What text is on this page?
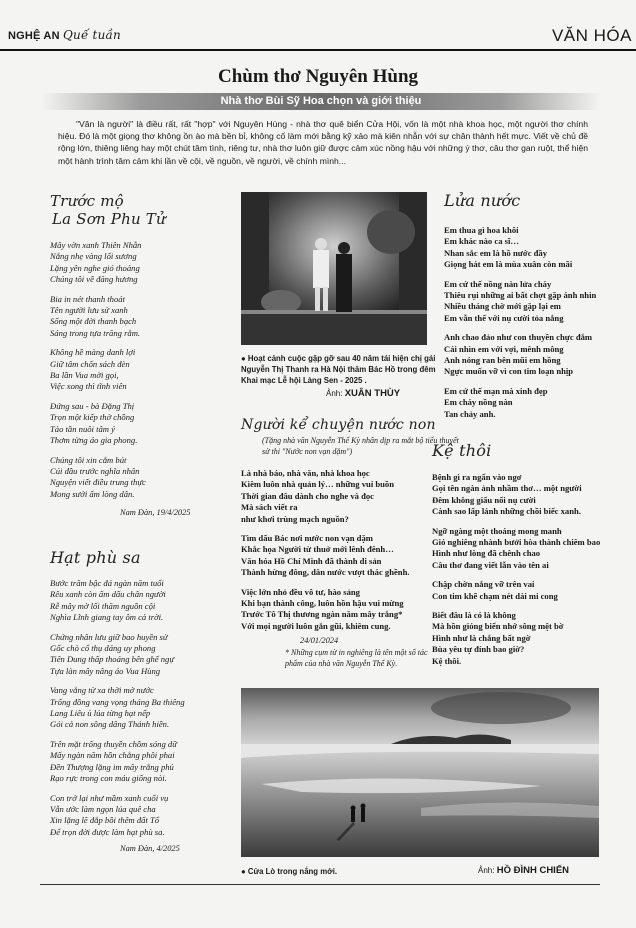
NGHỆ AN Quế tuần	VĂN HÓA
Chùm thơ Nguyên Hùng
Nhà thơ Bùi Sỹ Hoa chọn và giới thiệu
"Văn là người" là điều rất, rất "hợp" với Nguyên Hùng - nhà thơ quê biển Cửa Hội, vốn là một nhà khoa học, một người thơ chính hiệu. Đó là một giọng thơ không ồn ào mà bền bỉ, không cố làm mới bằng kỹ xảo mà kiên nhẫn với sự chân thành hết mực. Viết về chủ đề rộng lớn, thiêng liêng hay một chút tâm tình, riêng tư, nhà thơ luôn giữ được cảm xúc nồng hậu với những ý thơ, câu thơ gan ruột, thể hiện một hành trình tâm cảm khi lần về cội, về nguồn, về người, về chính mình...
Trước mộ
La Sơn Phu Tử

Mây vờn xanh Thiên Nhẫn
Nắng nhẹ vàng lối sương
Lặng yên nghe gió thoảng
Chúng tôi về đăng hương

Bia in nét thanh thoát
Tên người lưu sử xanh
Sống một đời thanh bạch
Sáng trong tựa trăng rằm.

Không hề màng danh lợi
Giữ tâm chốn sách đèn
Ba lần Vua mời gọi,
Việc xong thì tĩnh viên

Đứng sau - bà Đặng Thị
Trọn một kiếp thờ chồng
Tảo tần nuôi tâm ý
Thơm từng áo gia phong.

Chúng tôi xin cắm bút
Cúi đầu trước nghĩa nhân
Nguyện viết điều trung thực
Mong sưởi ấm lòng dân.

Nam Đàn, 19/4/2025
Hạt phù sa

Bước trăm bậc đá ngàn năm tuổi
Rêu xanh còn ấm dấu chân người
Rễ mây mờ lối thăm nguồn cội
Nghìa Lĩnh giang tay ôm cả trời.

Chứng nhân lưu giữ bao huyền sử
Gốc chò cổ thụ dáng uy phong
Tiên Dung thấp thoáng bên ghế ngự
Tựa làn mây nâng áo Vua Hùng

Vang vẳng từ xa thời mở nước
Trống đồng vang vọng tháng Ba thiêng
Lang Liêu ủ lúa từng hạt nếp
Gói cả non sông dâng Thánh hiền.

Trên mặt trống thuyền chồm sóng dữ
Mấy ngàn năm hồn chẳng phôi phai
Đền Thượng lặng im mây trắng phủ
Rạo rực trong con máu giống nòi.

Con trở lại như mầm xanh cuối vụ
Vẫn ước làm ngọn lúa quê cha
Xin lặng lẽ đắp bồi thêm đất Tổ
Để trọn đời được làm hạt phù sa.

Nam Đàn, 4/2025
● Hoạt cảnh cuộc gặp gỡ sau 40 năm tái hiện chị gái Nguyễn Thị Thanh ra Hà Nội thăm Bác Hồ trong đêm Khai mạc Lễ hội Làng Sen - 2025 .
Ảnh: XUÂN THÙY
Người kể chuyện nước non
(Tặng nhà văn Nguyễn Thế Kỳ nhân dịp ra mắt bộ tiểu thuyết sử thi "Nước non vạn dặm")

Là nhà báo, nhà văn, nhà khoa học
Kiêm luôn nhà quản lý… những vui buồn
Thời gian đâu dành cho nghe và đọc
Mà sách viết ra
như khơi trùng mạch nguồn?

Tìm dấu Bác nơi nước non vạn dặm
Khắc họa Người từ thuở mới lênh đênh…
Văn hóa Hồ Chí Minh đã thành di sản
Thành hừng đông, dân nước vượt thác ghềnh.

Việc lớn nhỏ đều vô tư, hào sảng
Khi bạn thành công, luôn hồn hậu vui mừng
Trước Tô Thị thương ngàn năm mây trắng*
Với mọi người luôn gắn gũi, khiêm cung.

24/01/2024
* Những cụm từ in nghiêng là tên một số tác phẩm của nhà văn Nguyễn Thế Kỳ.
Lửa nước

Em thua gì hoa khôi
Em khác nào ca sĩ…
Nhan sắc em là hồ nước đầy
Giọng hát em là mùa xuân còn mãi

Em cứ thế nồng nàn lửa cháy
Thiêu rụi những ai bất chợt gặp ánh nhìn
Nhiều tháng chờ mới gặp lại em
Em vẫn thế với nụ cười tỏa nắng

Anh chao đảo như con thuyền chực đắm
Cái nhìn em với vợi, mênh mông
Anh nóng ran bên mũi em hồng
Ngực muốn vỡ vì con tim loạn nhịp

Em cứ thế mạn mà xinh đẹp
Em cháy nồng nàn
Tan chảy anh.

Kệ thôi

Bệnh gì ra ngẩn vào ngơ
Gọi tên ngàn ảnh nhầm thơ… một người
Đêm không giấu nổi nụ cười
Cành sao lấp lánh những chồi biếc xanh.

Ngỡ ngàng một thoáng mong manh
Gió nghiêng nhành bưởi hòa thành chiêm bao
Hình như lòng đã chênh chao
Câu thơ đang viết lẫn vào tên ai

Chập chờn nắng vỡ trên vai
Con tim khẽ chạm nét dài mi cong

Biết đâu là có là không
Mà hồn gióng biển nhớ sông mệt bờ
Hình như là chẳng bất ngờ
Bùa yêu tự đính bao giờ?
Kệ thôi.

● Cửa Lò trong nắng mới.	Ảnh: HỒ ĐÌNH CHIẾN
